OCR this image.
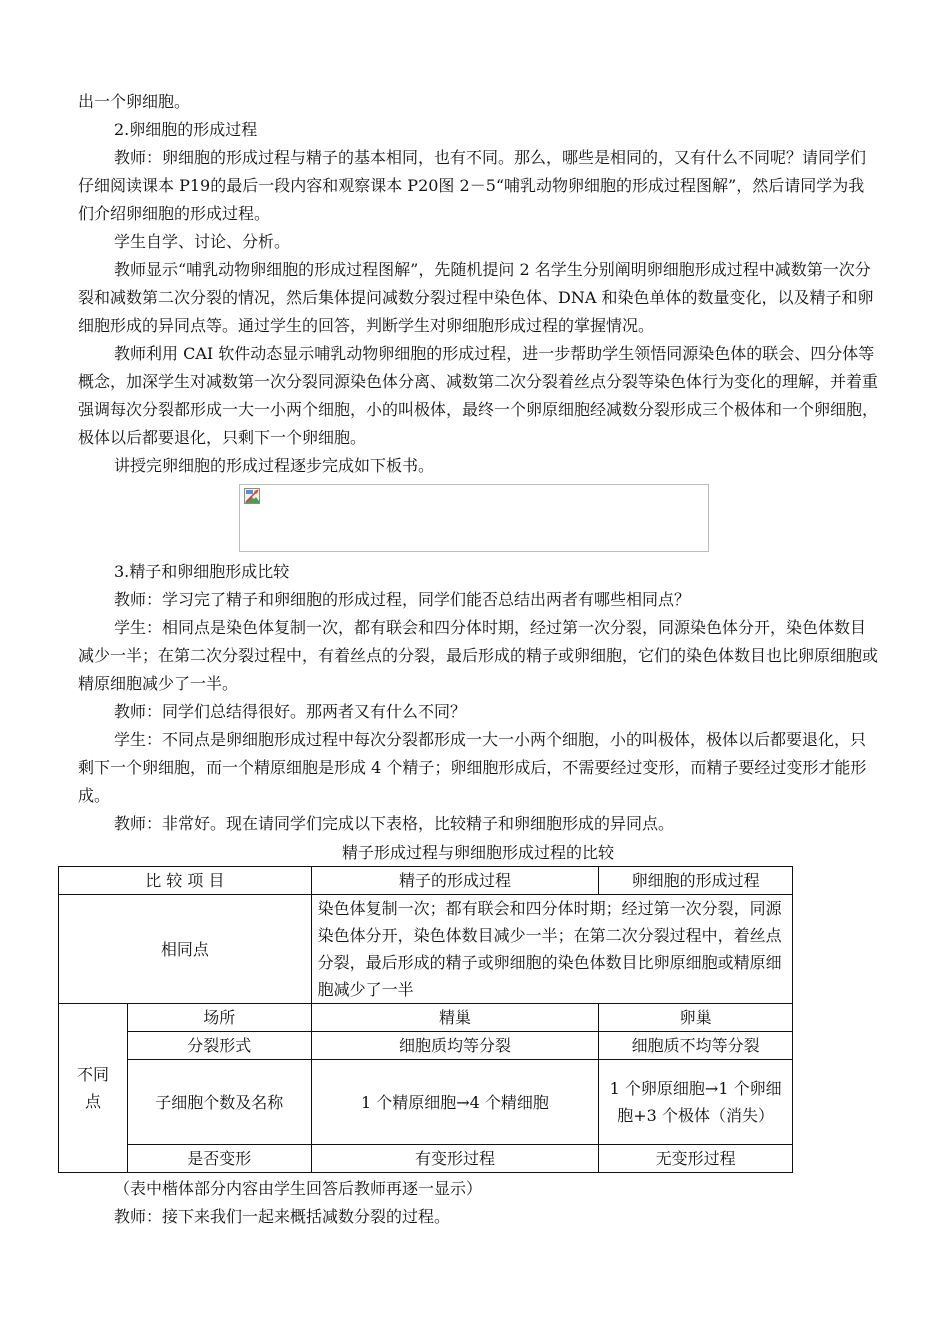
出一个卵细胞。

2.卵细胞的形成过程

教师：卵细胞的形成过程与精子的基本相同，也有不同。那么，哪些是相同的，又有什么不同呢？请同学们仔细阅读课本 P19的最后一段内容和观察课本 P20图 2－5“哺乳动物卵细胞的形成过程图解”，然后请同学为我们介绍卵细胞的形成过程。

学生自学、讨论、分析。

教师显示“哺乳动物卵细胞的形成过程图解”，先随机提问 2 名学生分别阐明卵细胞形成过程中减数第一次分裂和减数第二次分裂的情况，然后集体提问减数分裂过程中染色体、DNA 和染色单体的数量变化，以及精子和卵细胞形成的异同点等。通过学生的回答，判断学生对卵细胞形成过程的掌握情况。

教师利用 CAI 软件动态显示哺乳动物卵细胞的形成过程，进一步帮助学生领悟同源染色体的联会、四分体等概念，加深学生对减数第一次分裂同源染色体分离、减数第二次分裂着丝点分裂等染色体行为变化的理解，并着重强调每次分裂都形成一大一小两个细胞，小的叫极体，最终一个卵原细胞经减数分裂形成三个极体和一个卵细胞，极体以后都要退化，只剩下一个卵细胞。

讲授完卵细胞的形成过程逐步完成如下板书。

3.精子和卵细胞形成比较

教师：学习完了精子和卵细胞的形成过程，同学们能否总结出两者有哪些相同点？

学生：相同点是染色体复制一次，都有联会和四分体时期，经过第一次分裂，同源染色体分开，染色体数目减少一半；在第二次分裂过程中，有着丝点的分裂，最后形成的精子或卵细胞，它们的染色体数目也比卵原细胞或精原细胞减少了一半。

教师：同学们总结得很好。那两者又有什么不同？

学生：不同点是卵细胞形成过程中每次分裂都形成一大一小两个细胞，小的叫极体，极体以后都要退化，只剩下一个卵细胞，而一个精原细胞是形成 4 个精子；卵细胞形成后，不需要经过变形，而精子要经过变形才能形成。

教师：非常好。现在请同学们完成以下表格，比较精子和卵细胞形成的异同点。

精子形成过程与卵细胞形成过程的比较
比 较 项 目		精子的形成过程	卵细胞的形成过程
相同点		染色体复制一次；都有联会和四分体时期；经过第一次分裂，同源染色体分开，染色体数目减少一半；在第二次分裂过程中，着丝点分裂，最后形成的精子或卵细胞的染色体数目比卵原细胞或精原细胞减少了一半	
不同点	场所	精巢	卵巢
	分裂形式	细胞质均等分裂	细胞质不均等分裂
	子细胞个数及名称	1 个精原细胞→4 个精细胞	1 个卵原细胞→1 个卵细胞+3 个极体（消失）
	是否变形	有变形过程	无变形过程

（表中楷体部分内容由学生回答后教师再逐一显示）

教师：接下来我们一起来概括减数分裂的过程。
